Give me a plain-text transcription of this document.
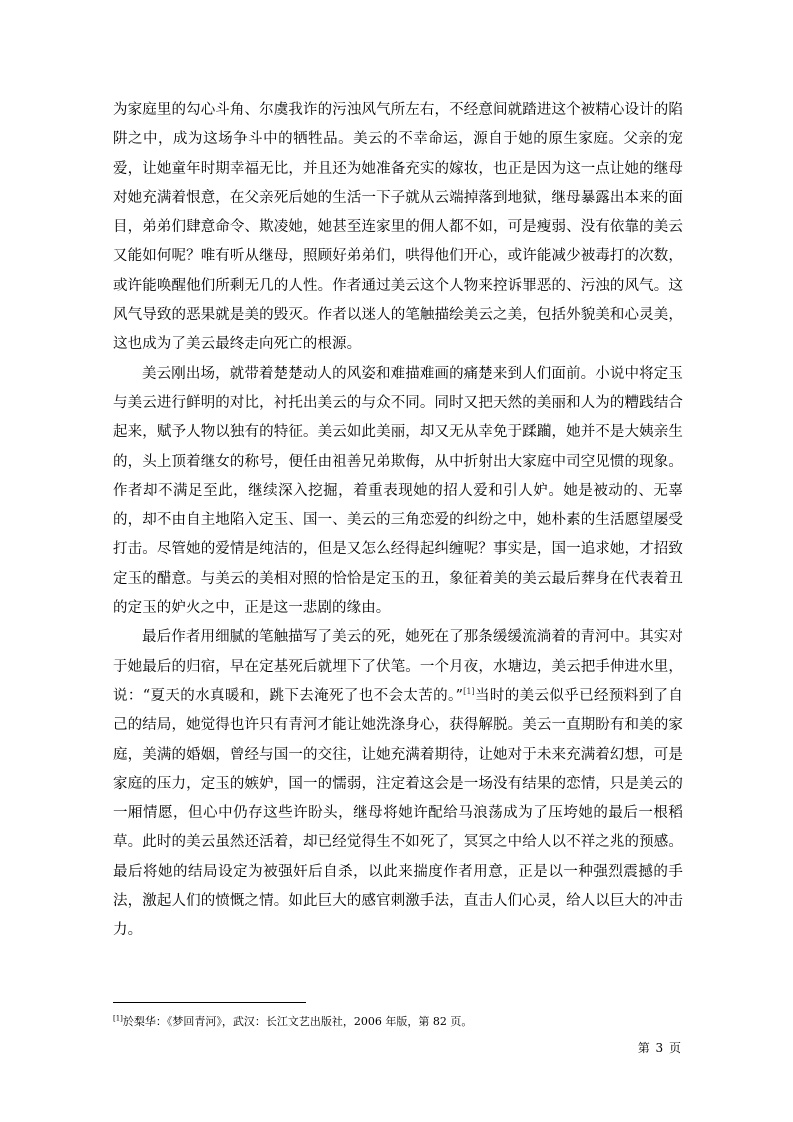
为家庭里的勾心斗角、尔虞我诈的污浊风气所左右，不经意间就踏进这个被精心设计的陷阱之中，成为这场争斗中的牺牲品。美云的不幸命运，源自于她的原生家庭。父亲的宠爱，让她童年时期幸福无比，并且还为她准备充实的嫁妆，也正是因为这一点让她的继母对她充满着恨意，在父亲死后她的生活一下子就从云端掉落到地狱，继母暴露出本来的面目，弟弟们肆意命令、欺凌她，她甚至连家里的佣人都不如，可是瘦弱、没有依靠的美云又能如何呢？唯有听从继母，照顾好弟弟们，哄得他们开心，或许能减少被毒打的次数，或许能唤醒他们所剩无几的人性。作者通过美云这个人物来控诉罪恶的、污浊的风气。这风气导致的恶果就是美的毁灭。作者以迷人的笔触描绘美云之美，包括外貌美和心灵美，这也成为了美云最终走向死亡的根源。

美云刚出场，就带着楚楚动人的风姿和难描难画的痛楚来到人们面前。小说中将定玉与美云进行鲜明的对比，衬托出美云的与众不同。同时又把天然的美丽和人为的糟践结合起来，赋予人物以独有的特征。美云如此美丽，却又无从幸免于蹂躏，她并不是大姨亲生的，头上顶着继女的称号，便任由祖善兄弟欺侮，从中折射出大家庭中司空见惯的现象。作者却不满足至此，继续深入挖掘，着重表现她的招人爱和引人妒。她是被动的、无辜的，却不由自主地陷入定玉、国一、美云的三角恋爱的纠纷之中，她朴素的生活愿望屡受打击。尽管她的爱情是纯洁的，但是又怎么经得起纠缠呢？事实是，国一追求她，才招致定玉的醋意。与美云的美相对照的恰恰是定玉的丑，象征着美的美云最后葬身在代表着丑的定玉的妒火之中，正是这一悲剧的缘由。

最后作者用细腻的笔触描写了美云的死，她死在了那条缓缓流淌着的青河中。其实对于她最后的归宿，早在定基死后就埋下了伏笔。一个月夜，水塘边，美云把手伸进水里，说：“夏天的水真暖和，跳下去淹死了也不会太苦的。”[1]当时的美云似乎已经预料到了自己的结局，她觉得也许只有青河才能让她洗涤身心，获得解脱。美云一直期盼有和美的家庭，美满的婚姻，曾经与国一的交往，让她充满着期待，让她对于未来充满着幻想，可是家庭的压力，定玉的嫉妒，国一的懦弱，注定着这会是一场没有结果的恋情，只是美云的一厢情愿，但心中仍存这些许盼头，继母将她许配给马浪荡成为了压垮她的最后一根稻草。此时的美云虽然还活着，却已经觉得生不如死了，冥冥之中给人以不祥之兆的预感。最后将她的结局设定为被强奸后自杀，以此来揣度作者用意，正是以一种强烈震撼的手法，激起人们的愤慨之情。如此巨大的感官刺激手法，直击人们心灵，给人以巨大的冲击力。

[1]於梨华：《梦回青河》，武汉：长江文艺出版社，2006 年版，第 82 页。
第 3 页
